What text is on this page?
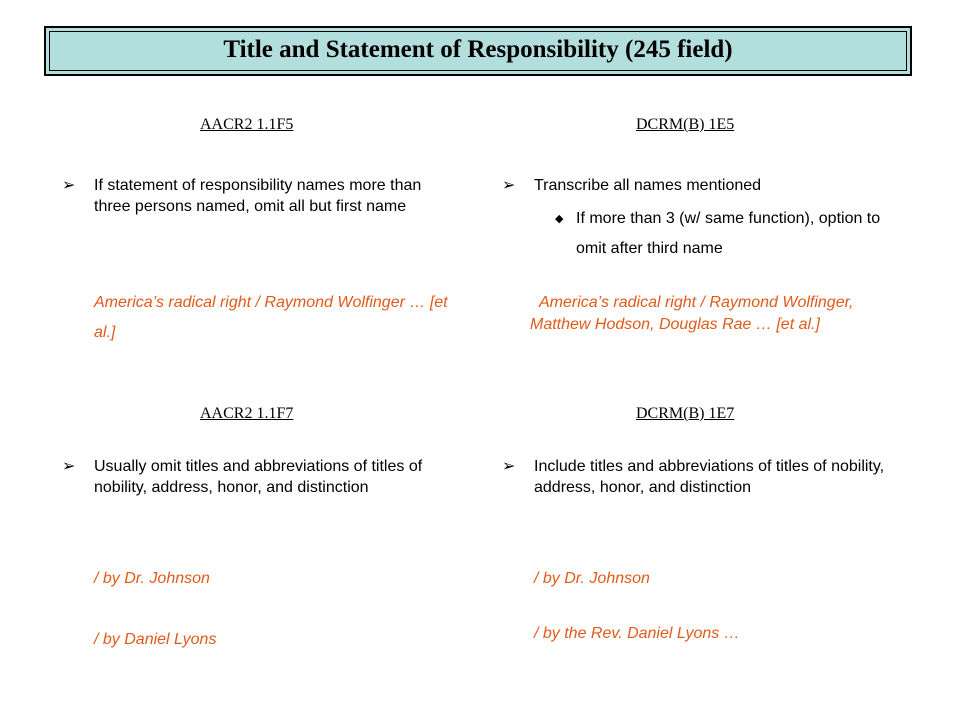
Title and Statement of Responsibility (245 field)
AACR2 1.1F5
➢ If statement of responsibility names more than three persons named, omit all but first name
America’s radical right / Raymond Wolfinger … [et al.]
AACR2 1.1F7
➢ Usually omit titles and abbreviations of titles of nobility, address, honor, and distinction
/ by Dr. Johnson
/ by Daniel Lyons
DCRM(B) 1E5
➢ Transcribe all names mentioned
◆ If more than 3 (w/ same function), option to omit after third name
America’s radical right / Raymond Wolfinger, Matthew Hodson, Douglas Rae … [et al.]
DCRM(B) 1E7
➢ Include titles and abbreviations of titles of nobility, address, honor, and distinction
/ by Dr. Johnson
/ by the Rev. Daniel Lyons …
